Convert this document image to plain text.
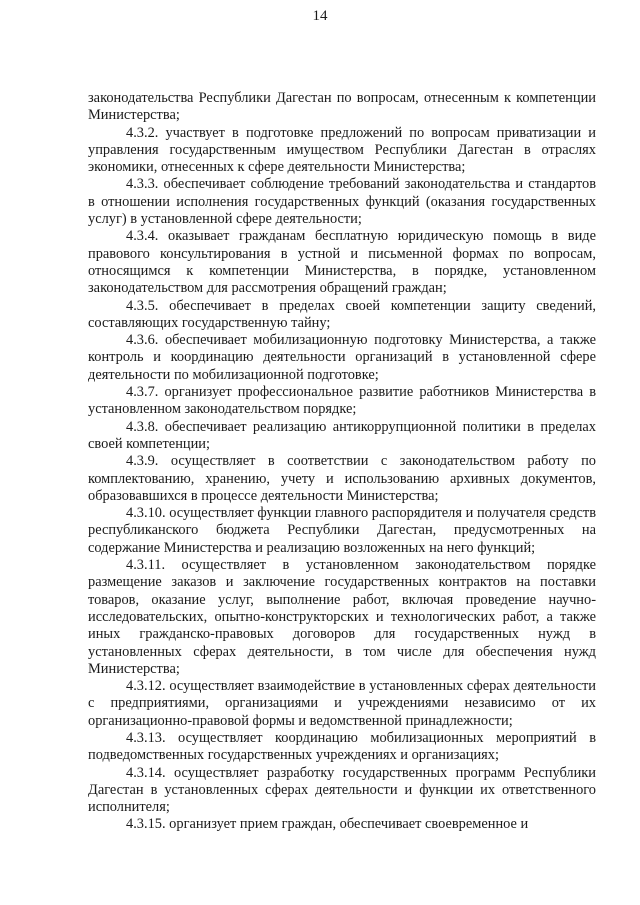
14

законодательства Республики Дагестан по вопросам, отнесенным к компетенции Министерства;

4.3.2. участвует в подготовке предложений по вопросам приватизации и управления государственным имуществом Республики Дагестан в отраслях экономики, отнесенных к сфере деятельности Министерства;

4.3.3. обеспечивает соблюдение требований законодательства и стандартов в отношении исполнения государственных функций (оказания государственных услуг) в установленной сфере деятельности;

4.3.4. оказывает гражданам бесплатную юридическую помощь в виде правового консультирования в устной и письменной формах по вопросам, относящимся к компетенции Министерства, в порядке, установленном законодательством для рассмотрения обращений граждан;

4.3.5. обеспечивает в пределах своей компетенции защиту сведений, составляющих государственную тайну;

4.3.6. обеспечивает мобилизационную подготовку Министерства, а также контроль и координацию деятельности организаций в установленной сфере деятельности по мобилизационной подготовке;

4.3.7. организует профессиональное развитие работников Министерства в установленном законодательством порядке;

4.3.8. обеспечивает реализацию антикоррупционной политики в пределах своей компетенции;

4.3.9. осуществляет в соответствии с законодательством работу по комплектованию, хранению, учету и использованию архивных документов, образовавшихся в процессе деятельности Министерства;

4.3.10. осуществляет функции главного распорядителя и получателя средств республиканского бюджета Республики Дагестан, предусмотренных на содержание Министерства и реализацию возложенных на него функций;

4.3.11. осуществляет в установленном законодательством порядке размещение заказов и заключение государственных контрактов на поставки товаров, оказание услуг, выполнение работ, включая проведение научно-исследовательских, опытно-конструкторских и технологических работ, а также иных гражданско-правовых договоров для государственных нужд в установленных сферах деятельности, в том числе для обеспечения нужд Министерства;

4.3.12. осуществляет взаимодействие в установленных сферах деятельности с предприятиями, организациями и учреждениями независимо от их организационно-правовой формы и ведомственной принадлежности;

4.3.13. осуществляет координацию мобилизационных мероприятий в подведомственных государственных учреждениях и организациях;

4.3.14. осуществляет разработку государственных программ Республики Дагестан в установленных сферах деятельности и функции их ответственного исполнителя;

4.3.15. организует прием граждан, обеспечивает своевременное и
